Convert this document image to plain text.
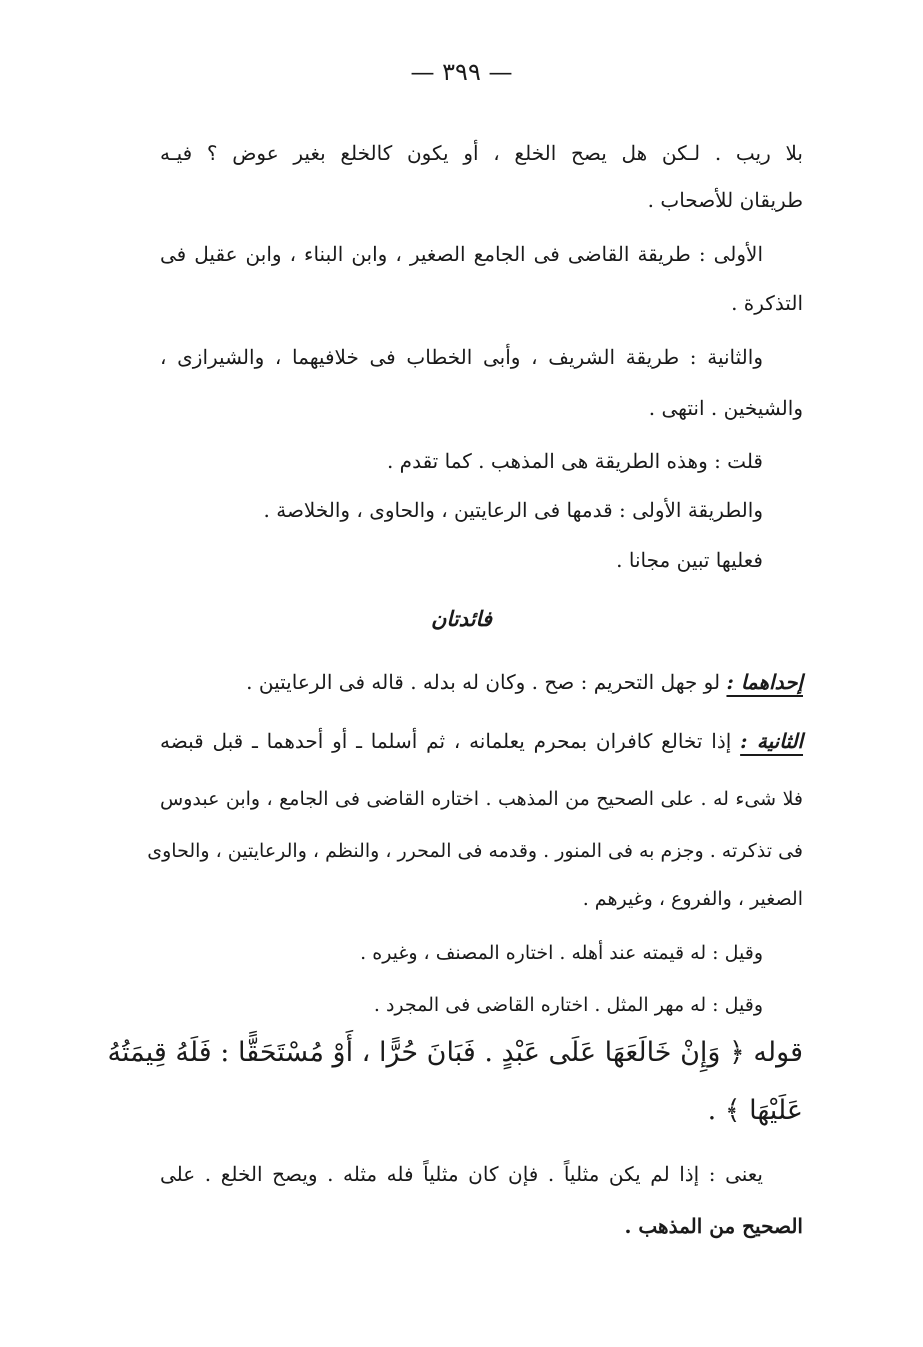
— ٣٩٩ —
بلا ريب . لـكن هل يصح الخلع ، أو يكون كالخلع بغير عوض ؟ فيـه
طريقان للأصحاب .
الأولى : طريقة القاضى فى الجامع الصغير ، وابن البناء ، وابن عقيل فى
التذكرة .
والثانية : طريقة الشريف ، وأبى الخطاب فى خلافيهما ، والشيرازى ،
والشيخين . انتهى .
قلت : وهذه الطريقة هى المذهب . كما تقدم .
والطريقة الأولى : قدمها فى الرعايتين ، والحاوى ، والخلاصة .
فعليها تبين مجانا .
فائدتان
إحداهما : لو جهل التحريم : صح . وكان له بدله . قاله فى الرعايتين .
الثانية : إذا تخالع كافران بمحرم يعلمانه ، ثم أسلما ـ أو أحدهما ـ قبل قبضه
فلا شىء له . على الصحيح من المذهب . اختاره القاضى فى الجامع ، وابن عبدوس
فى تذكرته . وجزم به فى المنور . وقدمه فى المحرر ، والنظم ، والرعايتين ، والحاوى
الصغير ، والفروع ، وغيرهم .
وقيل : له قيمته عند أهله . اختاره المصنف ، وغيره .
وقيل : له مهر المثل . اختاره القاضى فى المجرد .
قوله ﴿ وَإِنْ خَالَعَهَا عَلَى عَبْدٍ . فَبَانَ حُرًّا ، أَوْ مُسْتَحَقًّا : فَلَهُ قِيمَتُهُ
عَلَيْهَا ﴾ .
يعنى : إذا لم يكن مثلياً . فإن كان مثلياً فله مثله . ويصح الخلع . على
الصحيح من المذهب .
